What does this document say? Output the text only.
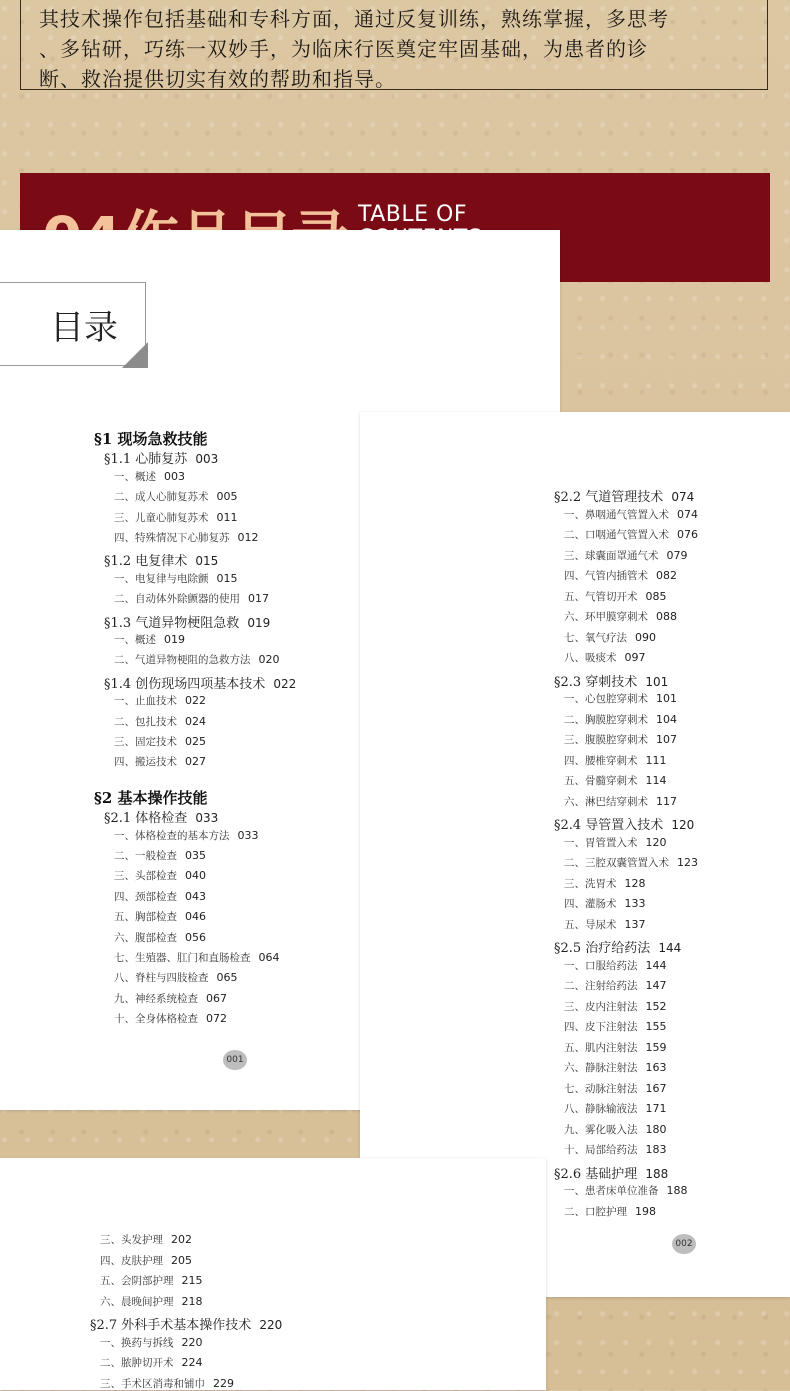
其技术操作包括基础和专科方面，通过反复训练，熟练掌握，多思考
、多钻研，巧练一双妙手，为临床行医奠定牢固基础，为患者的诊
断、救治提供切实有效的帮助和指导。
TABLE OF
§1 现场急救技能
§1.1 心肺复苏 003
一、概述 003
二、成人心肺复苏术 005
三、儿童心肺复苏术 011
四、特殊情况下心肺复苏 012
§1.2 电复律术 015
一、电复律与电除颤 015
二、自动体外除颤器的使用 017
§1.3 气道异物梗阻急救 019
一、概述 019
二、气道异物梗阻的急救方法 020
§1.4 创伤现场四项基本技术 022
一、止血技术 022
二、包扎技术 024
三、固定技术 025
四、搬运技术 027
§2 基本操作技能
§2.1 体格检查 033
一、体格检查的基本方法 033
二、一般检查 035
三、头部检查 040
四、颈部检查 043
五、胸部检查 046
六、腹部检查 056
七、生殖器、肛门和直肠检查 064
八、脊柱与四肢检查 065
九、神经系统检查 067
十、全身体格检查 072
001
目录
§2.2 气道管理技术 074
一、鼻咽通气管置入术 074
二、口咽通气管置入术 076
三、球囊面罩通气术 079
四、气管内插管术 082
五、气管切开术 085
六、环甲膜穿刺术 088
七、氧气疗法 090
八、吸痰术 097
§2.3 穿刺技术 101
一、心包腔穿刺术 101
二、胸膜腔穿刺术 104
三、腹膜腔穿刺术 107
四、腰椎穿刺术 111
五、骨髓穿刺术 114
六、淋巴结穿刺术 117
§2.4 导管置入技术 120
一、胃管置入术 120
二、三腔双囊管置入术 123
三、洗胃术 128
四、灌肠术 133
五、导尿术 137
§2.5 治疗给药法 144
一、口服给药法 144
二、注射给药法 147
三、皮内注射法 152
四、皮下注射法 155
五、肌内注射法 159
六、静脉注射法 163
七、动脉注射法 167
八、静脉输液法 171
九、雾化吸入法 180
十、局部给药法 183
§2.6 基础护理 188
一、患者床单位准备 188
二、口腔护理 198
002
三、头发护理 202
四、皮肤护理 205
五、会阴部护理 215
六、晨晚间护理 218
§2.7 外科手术基本操作技术 220
一、换药与拆线 220
二、脓肿切开术 224
三、手术区消毒和铺巾 229
